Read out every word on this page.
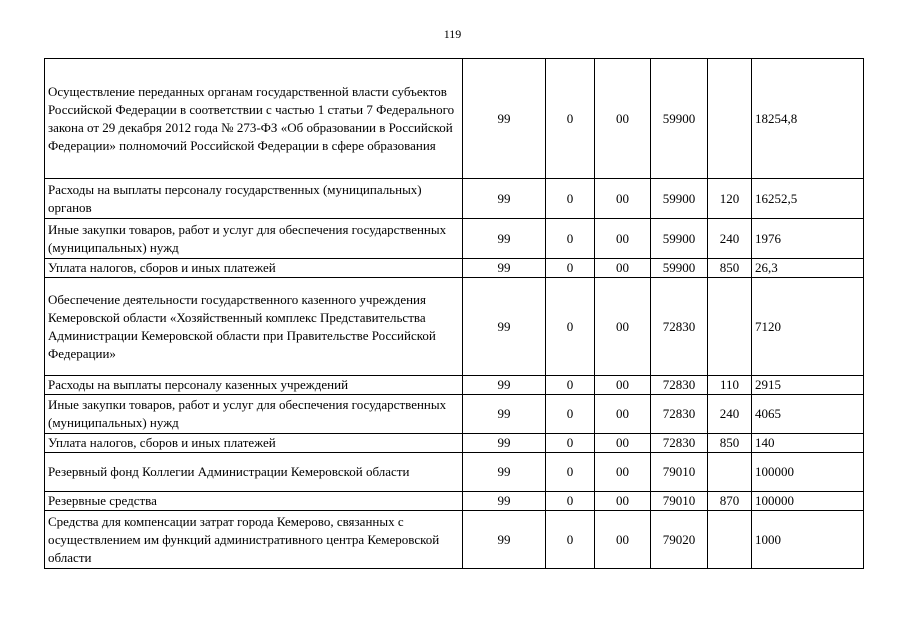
119
Осуществление переданных органам государственной власти субъектов Российской Федерации в соответствии с частью 1 статьи 7 Федерального закона от 29 декабря 2012 года № 273-ФЗ «Об образовании в Российской Федерации» полномочий Российской Федерации в сфере образования	99	0	00	59900		18254,8
Расходы на выплаты персоналу государственных (муниципальных) органов	99	0	00	59900	120	16252,5
Иные закупки товаров, работ и услуг для обеспечения государственных (муниципальных) нужд	99	0	00	59900	240	1976
Уплата налогов, сборов и иных платежей	99	0	00	59900	850	26,3
Обеспечение деятельности государственного казенного учреждения Кемеровской области «Хозяйственный комплекс Представительства Администрации Кемеровской области при Правительстве Российской Федерации»	99	0	00	72830		7120
Расходы на выплаты персоналу казенных учреждений	99	0	00	72830	110	2915
Иные закупки товаров, работ и услуг для обеспечения государственных (муниципальных) нужд	99	0	00	72830	240	4065
Уплата налогов, сборов и иных платежей	99	0	00	72830	850	140
Резервный фонд Коллегии Администрации Кемеровской области	99	0	00	79010		100000
Резервные средства	99	0	00	79010	870	100000
Средства для компенсации затрат города Кемерово, связанных с осуществлением им функций административного центра Кемеровской области	99	0	00	79020		1000
